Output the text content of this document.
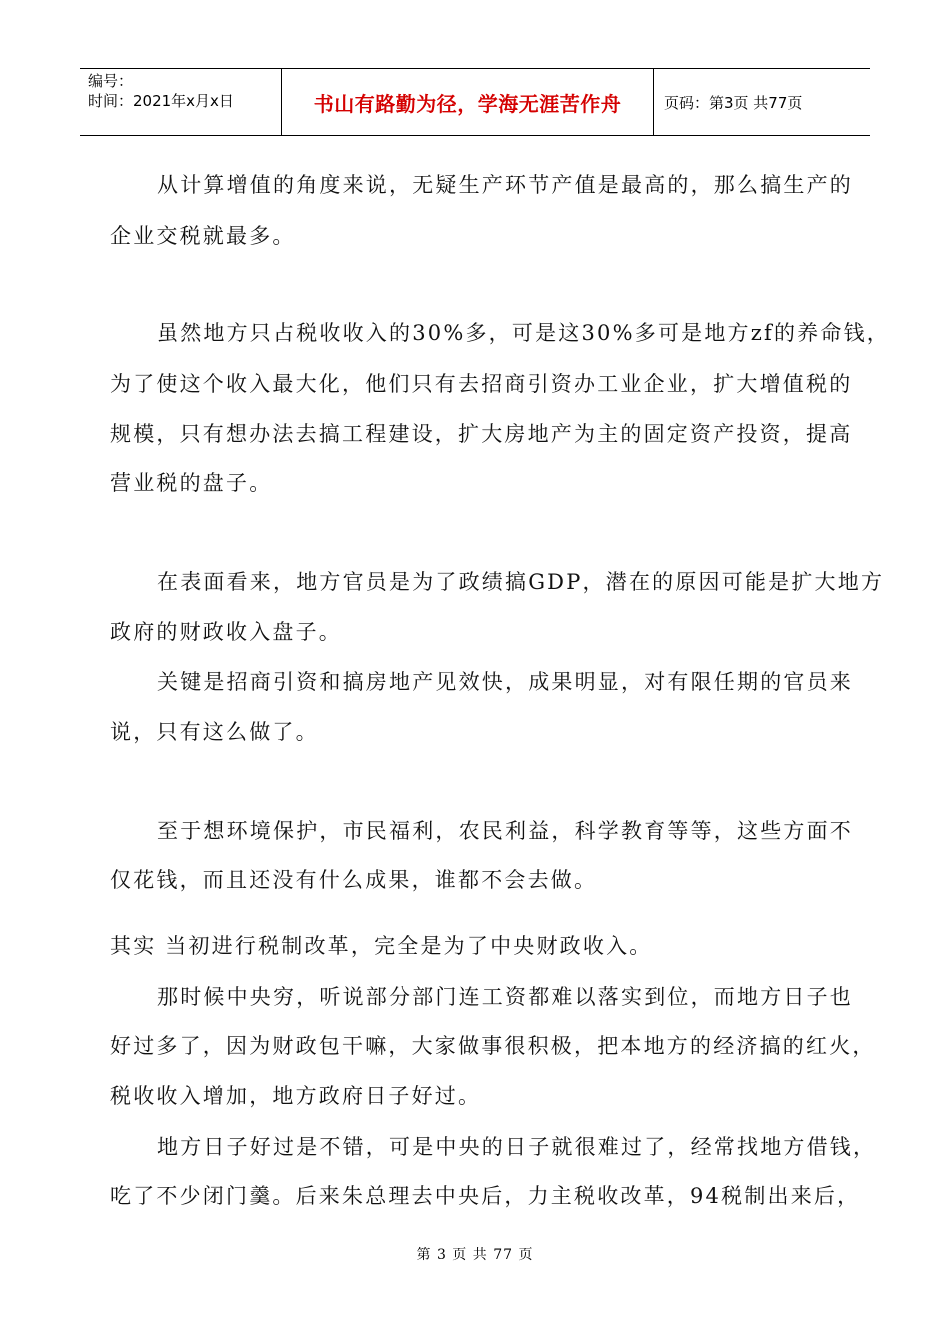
编号：
时间：2021年x月x日	书山有路勤为径，学海无涯苦作舟	页码：第3页 共77页
从计算增值的角度来说，无疑生产环节产值是最高的，那么搞生产的
企业交税就最多。
虽然地方只占税收收入的30%多，可是这30%多可是地方zf的养命钱，
为了使这个收入最大化，他们只有去招商引资办工业企业，扩大增值税的
规模，只有想办法去搞工程建设，扩大房地产为主的固定资产投资，提高
营业税的盘子。
在表面看来，地方官员是为了政绩搞GDP，潜在的原因可能是扩大地方
政府的财政收入盘子。
关键是招商引资和搞房地产见效快，成果明显，对有限任期的官员来
说，只有这么做了。
至于想环境保护，市民福利，农民利益，科学教育等等，这些方面不
仅花钱，而且还没有什么成果，谁都不会去做。
其实 当初进行税制改革，完全是为了中央财政收入。
那时候中央穷，听说部分部门连工资都难以落实到位，而地方日子也
好过多了，因为财政包干嘛，大家做事很积极，把本地方的经济搞的红火，
税收收入增加，地方政府日子好过。
地方日子好过是不错，可是中央的日子就很难过了，经常找地方借钱，
吃了不少闭门羹。后来朱总理去中央后，力主税收改革，94税制出来后，
第 3 页 共 77 页
